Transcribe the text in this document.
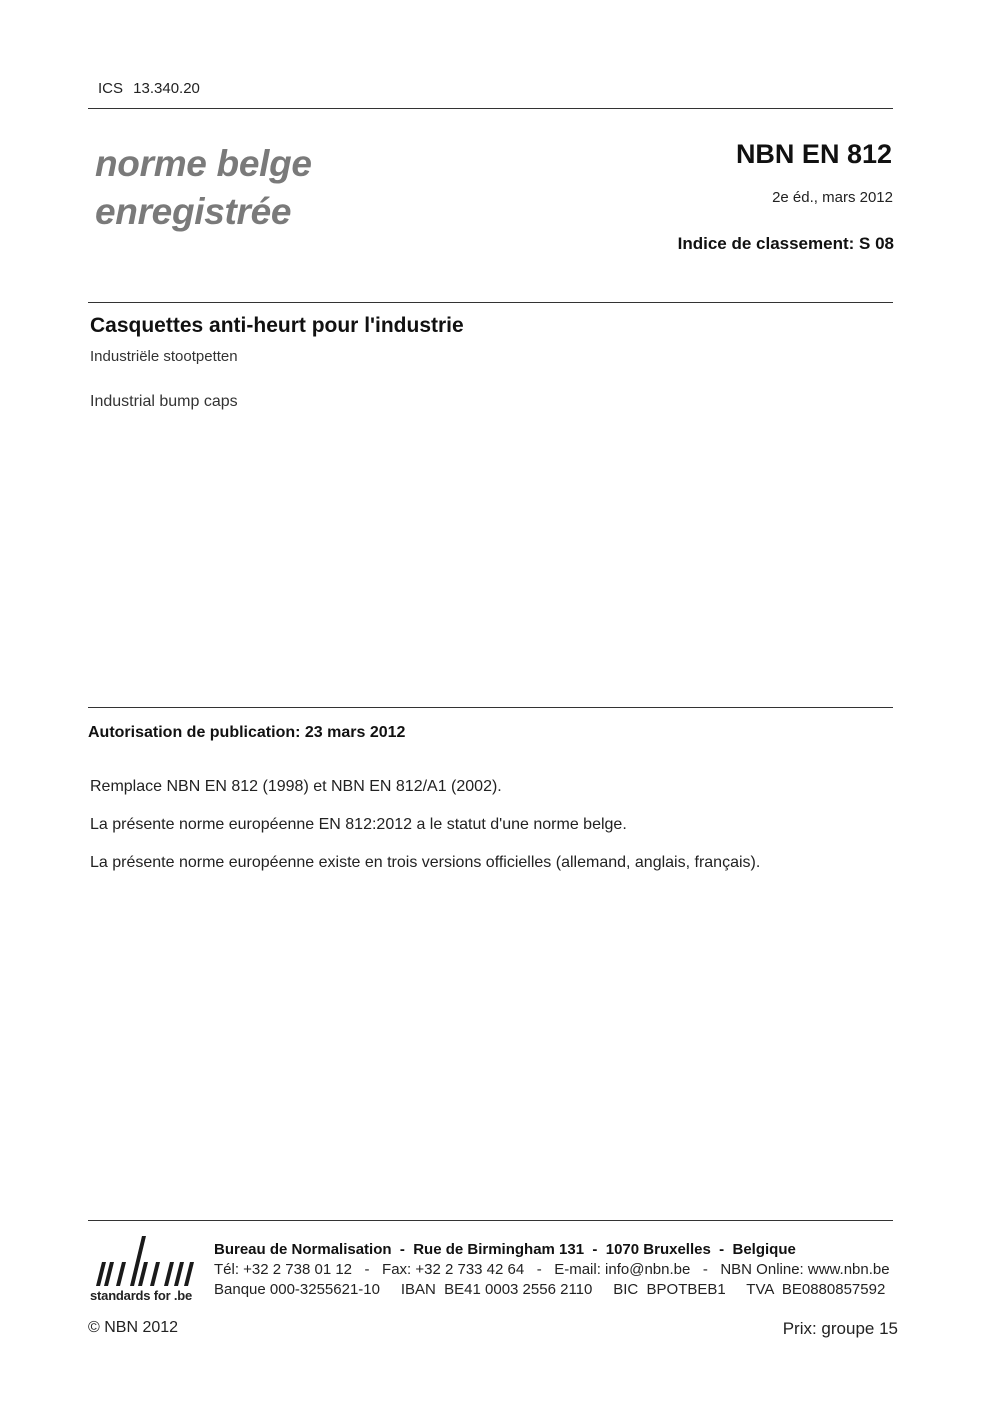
ICS 13.340.20
norme belge
enregistrée
NBN EN 812
2e éd., mars 2012
Indice de classement: S 08
Casquettes anti-heurt pour l'industrie
Industriële stootpetten
Industrial bump caps
Autorisation de publication: 23 mars 2012
Remplace NBN EN 812 (1998) et NBN EN 812/A1 (2002).
La présente norme européenne EN 812:2012 a le statut d'une norme belge.
La présente norme européenne existe en trois versions officielles (allemand, anglais, français).
standards for .be
Bureau de Normalisation  -  Rue de Birmingham 131  -  1070 Bruxelles  -  Belgique
Tél: +32 2 738 01 12   -   Fax: +32 2 733 42 64   -   E-mail: info@nbn.be   -   NBN Online: www.nbn.be
Banque 000-3255621-10     IBAN  BE41 0003 2556 2110     BIC  BPOTBEB1     TVA  BE0880857592
© NBN 2012	Prix: groupe 15
